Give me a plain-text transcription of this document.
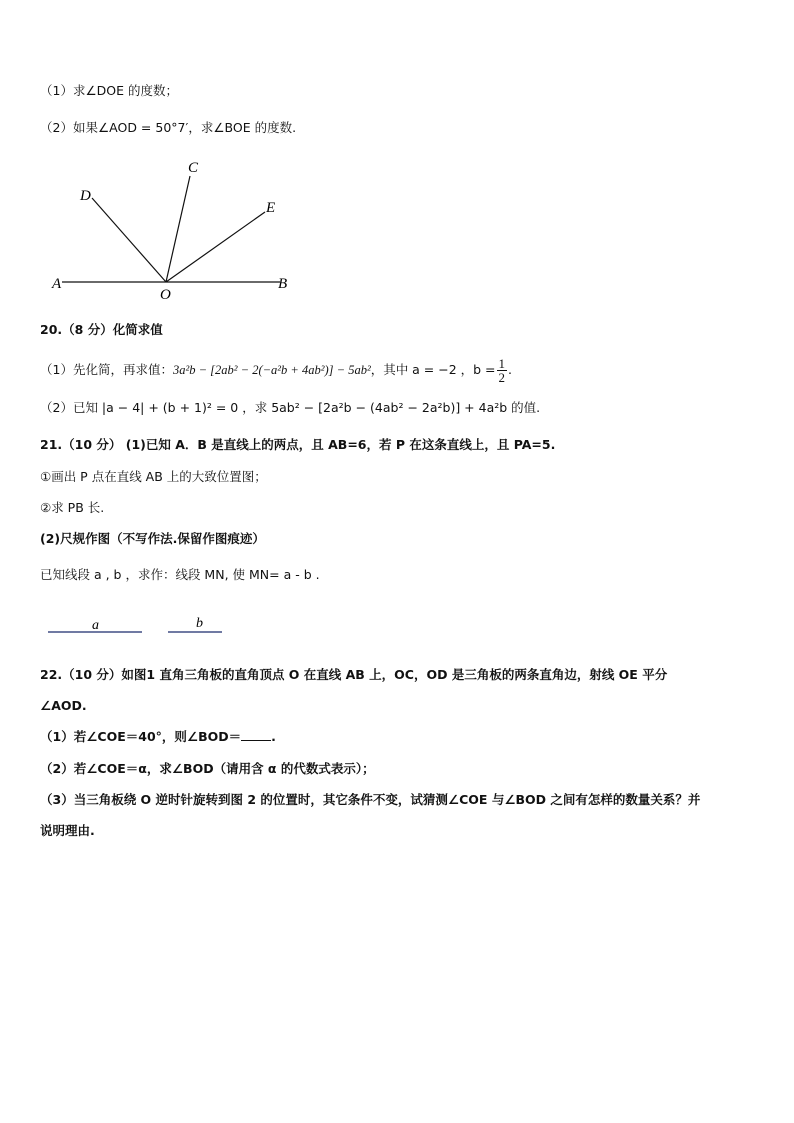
（1）求∠DOE 的度数；
（2）如果∠AOD = 50°7′，求∠BOE 的度数.
D
C
E
A
O
B
20.（8 分）化简求值
（1）先化简，再求值：3a²b − [2ab² − 2(−a²b + 4ab²)] − 5ab²，其中 a = −2 ，$b = \frac{1}{2}$ .
（2）已知 |a − 4| + (b + 1)² = 0 ，求 5ab² − [2a²b − (4ab² − 2a²b)] + 4a²b 的值.
21.（10 分） (1)已知 A．B 是直线上的两点，且 AB=6，若 P 在这条直线上，且 PA=5.
①画出 P 点在直线 AB 上的大致位置图；
②求 PB 长.
(2)尺规作图（不写作法.保留作图痕迹）
已知线段 a , b ，求作：线段 MN, 使 MN= a - b .
a	b
22.（10 分）如图1 直角三角板的直角顶点 O 在直线 AB 上，OC，OD 是三角板的两条直角边，射线 OE 平分
∠AOD.
（1）若∠COE＝40°，则∠BOD＝ .
（2）若∠COE＝α，求∠BOD（请用含 α 的代数式表示）；
（3）当三角板绕 O 逆时针旋转到图 2 的位置时，其它条件不变，试猜测∠COE 与∠BOD 之间有怎样的数量关系？并
说明理由.
